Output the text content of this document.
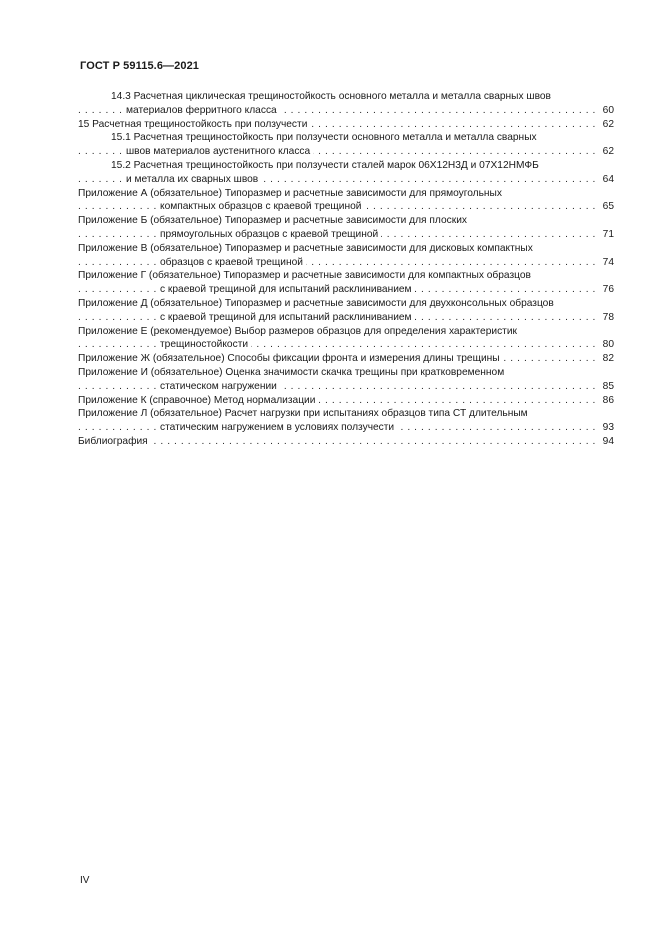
ГОСТ Р 59115.6—2021
14.3 Расчетная циклическая трещиностойкость основного металла и металла сварных швов
. . . материалов ферритного класса	60
. . . 15 Расчетная трещиностойкость при ползучести	62
15.1 Расчетная трещиностойкость при ползучести основного металла и металла сварных
. . . швов материалов аустенитного класса	62
15.2 Расчетная трещиностойкость при ползучести сталей марок 06Х12Н3Д и 07Х12НМФБ
. . . и металла их сварных швов	64
Приложение А (обязательное) Типоразмер и расчетные зависимости для прямоугольных
. . . компактных образцов с краевой трещиной	65
Приложение Б (обязательное) Типоразмер и расчетные зависимости для плоских
. . . прямоугольных образцов с краевой трещиной	71
Приложение В (обязательное) Типоразмер и расчетные зависимости для дисковых компактных
. . . образцов с краевой трещиной	74
Приложение Г (обязательное) Типоразмер и расчетные зависимости для компактных образцов
. . . с краевой трещиной для испытаний расклиниванием	76
Приложение Д (обязательное) Типоразмер и расчетные зависимости для двухконсольных образцов
. . . с краевой трещиной для испытаний расклиниванием	78
Приложение Е (рекомендуемое) Выбор размеров образцов для определения характеристик
. . . трещиностойкости	80
. . . Приложение Ж (обязательное) Способы фиксации фронта и измерения длины трещины	82
Приложение И (обязательное) Оценка значимости скачка трещины при кратковременном
. . . статическом нагружении	85
. . . Приложение К (справочное) Метод нормализации	86
Приложение Л (обязательное) Расчет нагрузки при испытаниях образцов типа СТ длительным
. . . статическим нагружением в условиях ползучести	93
. . . Библиография	94
IV
